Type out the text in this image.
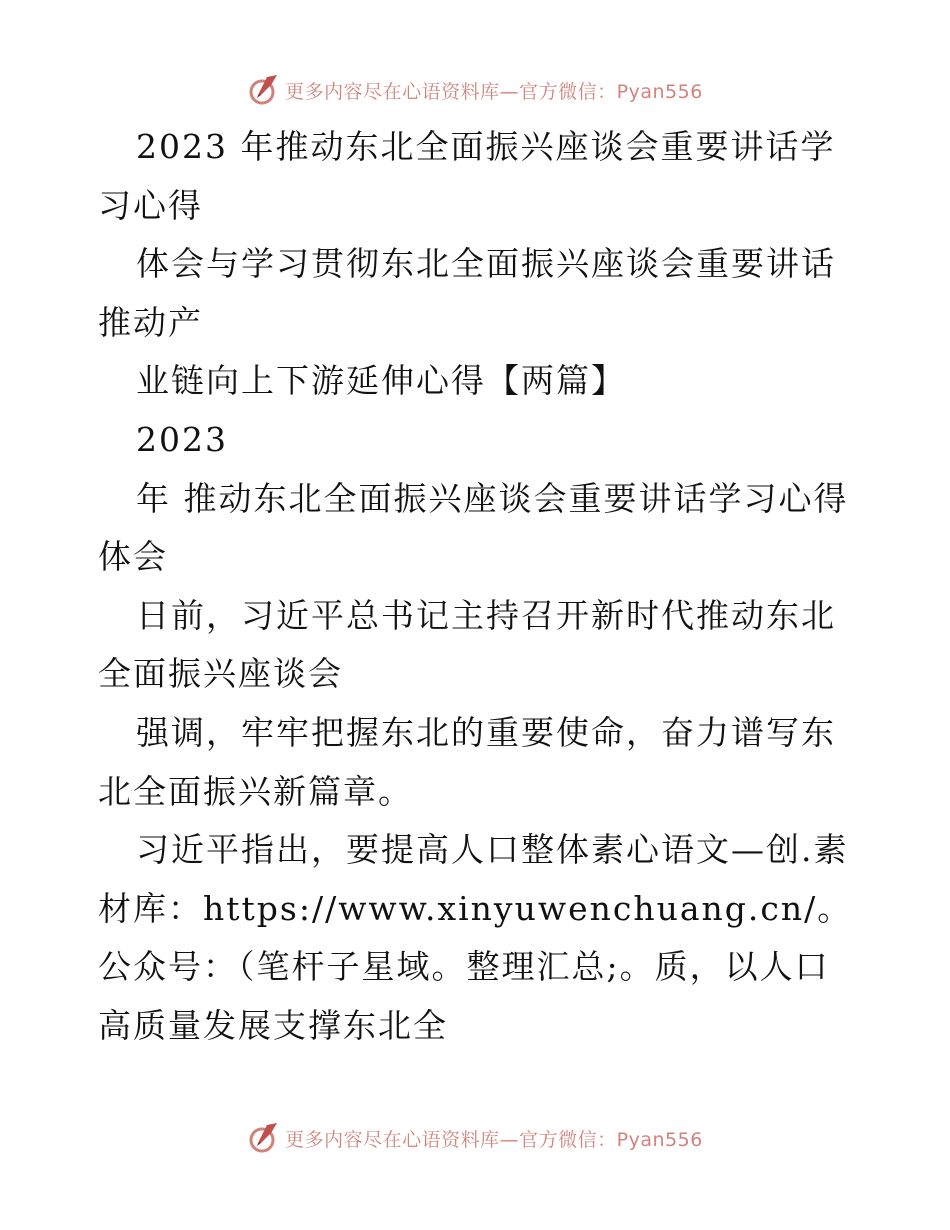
更多内容尽在心语资料库—官方微信：Pyan556

2023 年推动东北全面振兴座谈会重要讲话学习心得

体会与学习贯彻东北全面振兴座谈会重要讲话推动产

业链向上下游延伸心得【两篇】

2023

年 推动东北全面振兴座谈会重要讲话学习心得体会

日前，习近平总书记主持召开新时代推动东北全面振兴座谈会

强调，牢牢把握东北的重要使命，奋力谱写东北全面振兴新篇章。

习近平指出，要提高人口整体素心语文—创.素材库：https://www.xinyuwenchuang.cn/。公众号：（笔杆子星域。整理汇总;。质，以人口高质量发展支撑东北全

更多内容尽在心语资料库—官方微信：Pyan556
